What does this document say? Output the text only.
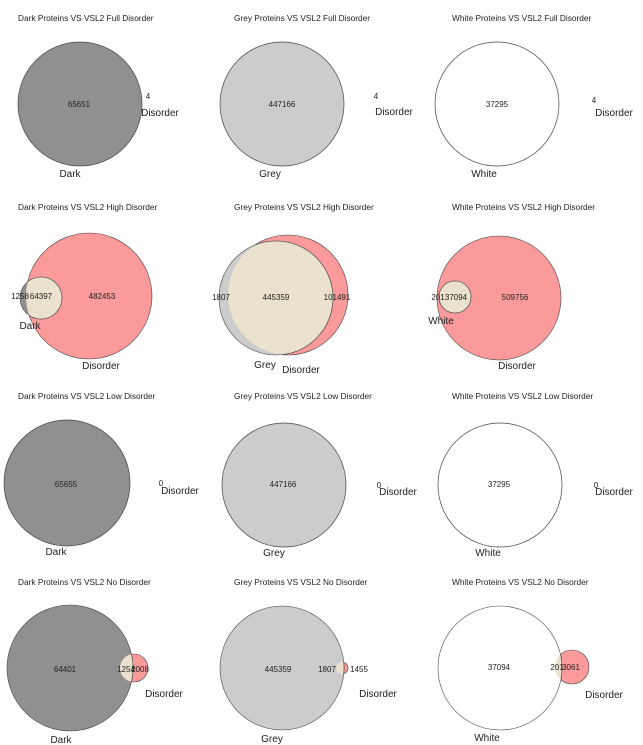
Dark Proteins VS VSL2 Full Disorder
65651
4
Dark
Disorder
Grey Proteins VS VSL2 Full Disorder
447166
4
Grey
Disorder
White Proteins VS VSL2 Full Disorder
37295	4
White
Disorder
Dark Proteins VS VSL2 High Disorder
1258 64397	482453
Dark
Disorder
Grey Proteins VS VSL2 High Disorder
1807	445359	101491
Grey Disorder
White Proteins VS VSL2 High Disorder
201 37094	509756
White
Disorder
Dark Proteins VS VSL2 Low Disorder
65655	0
Dark
Disorder
Grey Proteins VS VSL2 Low Disorder
447166	0
Grey
Disorder
White Proteins VS VSL2 Low Disorder
37295	0
White
Disorder
Dark Proteins VS VSL2 No Disorder
64401	1254
2008
Dark
Disorder
Grey Proteins VS VSL2 No Disorder
445359	1807 1455
Grey
Disorder
White Proteins VS VSL2 No Disorder
37094	201
3061
White
Disorder
